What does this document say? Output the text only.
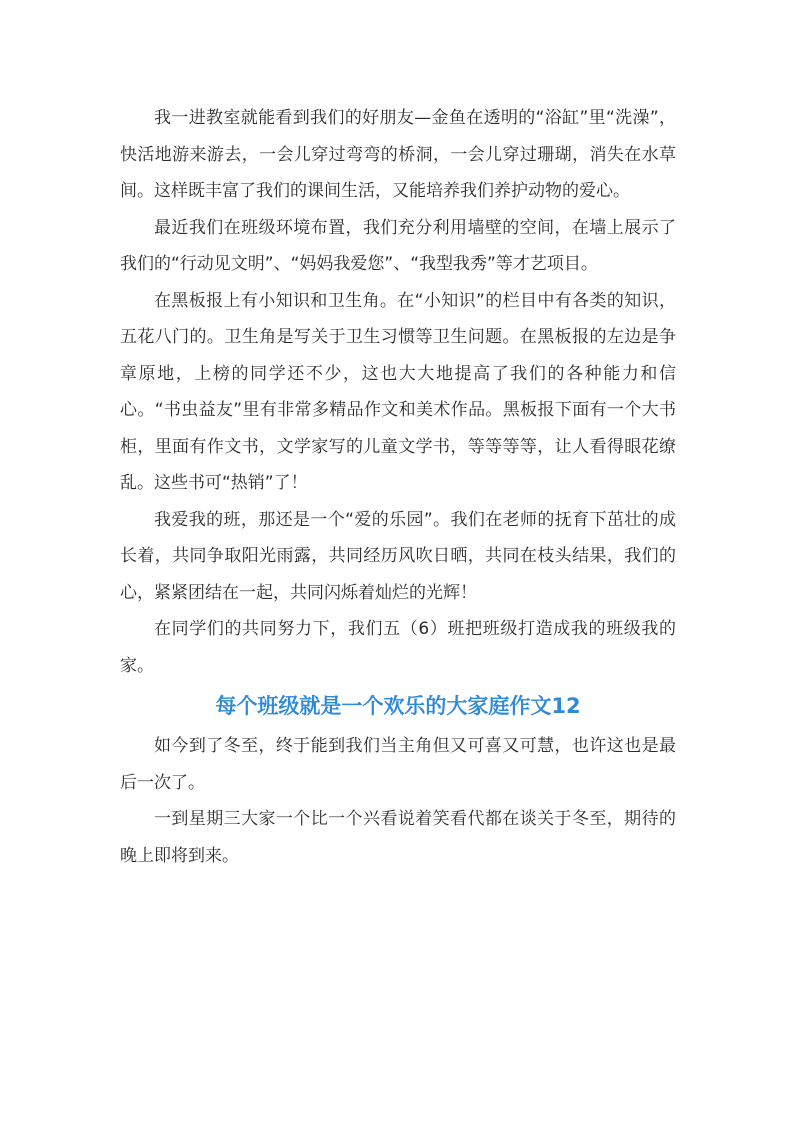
我一进教室就能看到我们的好朋友—金鱼在透明的“浴缸”里“洗澡”，快活地游来游去，一会儿穿过弯弯的桥洞，一会儿穿过珊瑚，消失在水草间。这样既丰富了我们的课间生活，又能培养我们养护动物的爱心。

最近我们在班级环境布置，我们充分利用墙壁的空间，在墙上展示了我们的“行动见文明”、“妈妈我爱您”、“我型我秀”等才艺项目。

在黑板报上有小知识和卫生角。在“小知识”的栏目中有各类的知识，五花八门的。卫生角是写关于卫生习惯等卫生问题。在黑板报的左边是争章原地，上榜的同学还不少，这也大大地提高了我们的各种能力和信心。“书虫益友”里有非常多精品作文和美术作品。黑板报下面有一个大书柜，里面有作文书，文学家写的儿童文学书，等等等等，让人看得眼花缭乱。这些书可“热销”了！

我爱我的班，那还是一个“爱的乐园”。我们在老师的抚育下茁壮的成长着，共同争取阳光雨露，共同经历风吹日晒，共同在枝头结果，我们的心，紧紧团结在一起，共同闪烁着灿烂的光辉！

在同学们的共同努力下，我们五（6）班把班级打造成我的班级我的家。

每个班级就是一个欢乐的大家庭作文12

如今到了冬至，终于能到我们当主角但又可喜又可慧，也许这也是最后一次了。

一到星期三大家一个比一个兴看说着笑看代都在谈关于冬至，期待的晚上即将到来。
